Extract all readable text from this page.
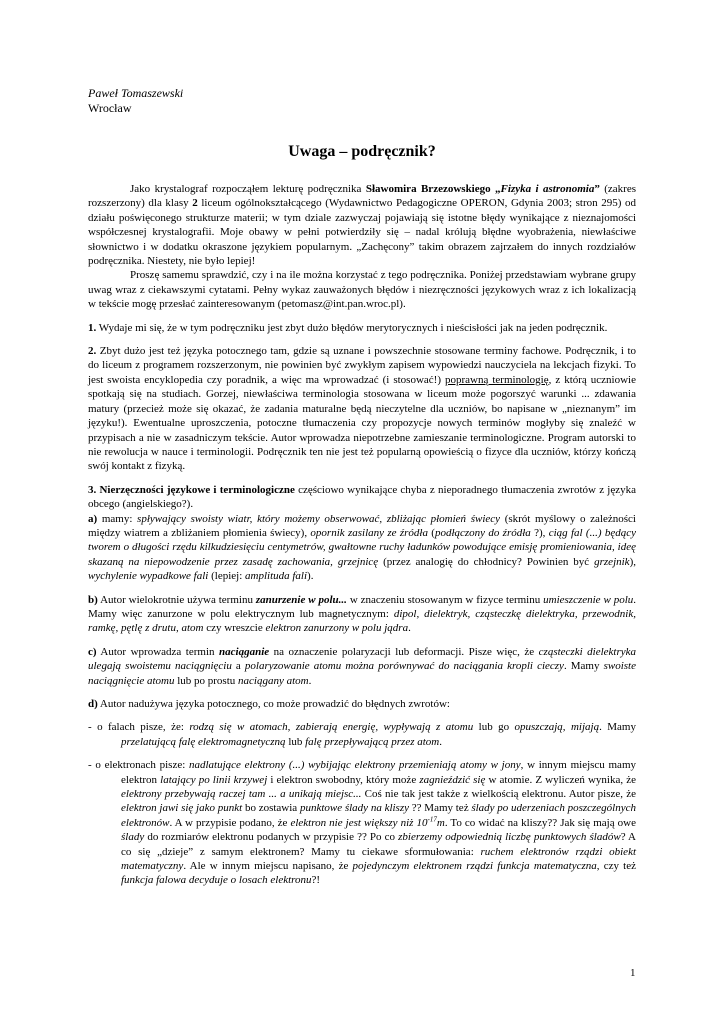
Paweł Tomaszewski
Wrocław
Uwaga – podręcznik?

Jako krystalograf rozpocząłem lekturę podręcznika Sławomira Brzezowskiego „Fizyka i astronomia” (zakres rozszerzony) dla klasy 2 liceum ogólnokształcącego (Wydawnictwo Pedagogiczne OPERON, Gdynia 2003; stron 295) od działu poświęconego strukturze materii; w tym dziale zazwyczaj pojawiają się istotne błędy wynikające z nieznajomości współczesnej krystalografii. Moje obawy w pełni potwierdziły się – nadal królują błędne wyobrażenia, niewłaściwe słownictwo i w dodatku okraszone językiem popularnym. „Zachęcony” takim obrazem zajrzałem do innych rozdziałów podręcznika. Niestety, nie było lepiej!

Proszę samemu sprawdzić, czy i na ile można korzystać z tego podręcznika. Poniżej przedstawiam wybrane grupy uwag wraz z ciekawszymi cytatami. Pełny wykaz zauważonych błędów i niezręczności językowych wraz z ich lokalizacją w tekście mogę przesłać zainteresowanym (petomasz@int.pan.wroc.pl).

1. Wydaje mi się, że w tym podręczniku jest zbyt dużo błędów merytorycznych i nieścisłości jak na jeden podręcznik.

2. Zbyt dużo jest też języka potocznego tam, gdzie są uznane i powszechnie stosowane terminy fachowe. Podręcznik, i to do liceum z programem rozszerzonym, nie powinien być zwykłym zapisem wypowiedzi nauczyciela na lekcjach fizyki. To jest swoista encyklopedia czy poradnik, a więc ma wprowadzać (i stosować!) poprawną terminologię, z którą uczniowie spotkają się na studiach. Gorzej, niewłaściwa terminologia stosowana w liceum może pogorszyć warunki ... zdawania matury (przecież może się okazać, że zadania maturalne będą nieczytelne dla uczniów, bo napisane w „nieznanym” im języku!). Ewentualne uproszczenia, potoczne tłumaczenia czy propozycje nowych terminów mogłyby się znaleźć w przypisach a nie w zasadniczym tekście. Autor wprowadza niepotrzebne zamieszanie terminologiczne. Program autorski to nie rewolucja w nauce i terminologii. Podręcznik ten nie jest też popularną opowieścią o fizyce dla uczniów, którzy kończą swój kontakt z fizyką.

3. Nierzęczności językowe i terminologiczne częściowo wynikające chyba z nieporadnego tłumaczenia zwrotów z języka obcego (angielskiego?).

a) mamy: spływający swoisty wiatr, który możemy obserwować, zbliżając płomień świecy (skrót myślowy o zależności między wiatrem a zbliżaniem płomienia świecy), opornik zasilany ze źródła (podłączony do źródła ?), ciąg fal (...) będący tworem o długości rzędu kilkudziesięciu centymetrów, gwałtowne ruchy ładunków powodujące emisję promieniowania, ideę skazaną na niepowodzenie przez zasadę zachowania, grzejnicę (przez analogię do chłodnicy? Powinien być grzejnik), wychylenie wypadkowe fali (lepiej: amplituda fali).

b) Autor wielokrotnie używa terminu zanurzenie w polu... w znaczeniu stosowanym w fizyce terminu umieszczenie w polu. Mamy więc zanurzone w polu elektrycznym lub magnetycznym: dipol, dielektryk, cząsteczkę dielektryka, przewodnik, ramkę, pętlę z drutu, atom czy wreszcie elektron zanurzony w polu jądra.

c) Autor wprowadza termin naciąganie na oznaczenie polaryzacji lub deformacji. Pisze więc, że cząsteczki dielektryka ulegają swoistemu naciągnięciu a polaryzowanie atomu można porównywać do naciągania kropli cieczy. Mamy swoiste naciągnięcie atomu lub po prostu naciągany atom.

d) Autor nadużywa języka potocznego, co może prowadzić do błędnych zwrotów:

- o falach pisze, że: rodzą się w atomach, zabierają energię, wypływają z atomu lub go opuszczają, mijają. Mamy przelatującą falę elektromagnetyczną lub falę przepływającą przez atom.

- o elektronach pisze: nadlatujące elektrony (...) wybijając elektrony przemieniają atomy w jony, w innym miejscu mamy elektron latający po linii krzywej i elektron swobodny, który może zagnieździć się w atomie. Z wyliczeń wynika, że elektrony przebywają raczej tam ... a unikają miejsc... Coś nie tak jest także z wielkością elektronu. Autor pisze, że elektron jawi się jako punkt bo zostawia punktowe ślady na kliszy ?? Mamy też ślady po uderzeniach poszczególnych elektronów. A w przypisie podano, że elektron nie jest większy niż $10^{-17}m$. To co widać na kliszy?? Jak się mają owe ślady do rozmiarów elektronu podanych w przypisie ?? Po co zbierzemy odpowiednią liczbę punktowych śladów? A co się „dzieje” z samym elektronem? Mamy tu ciekawe sformułowania: ruchem elektronów rządzi obiekt matematyczny. Ale w innym miejscu napisano, że pojedynczym elektronem rządzi funkcja matematyczna, czy też funkcja falowa decyduje o losach elektronu?!

1
